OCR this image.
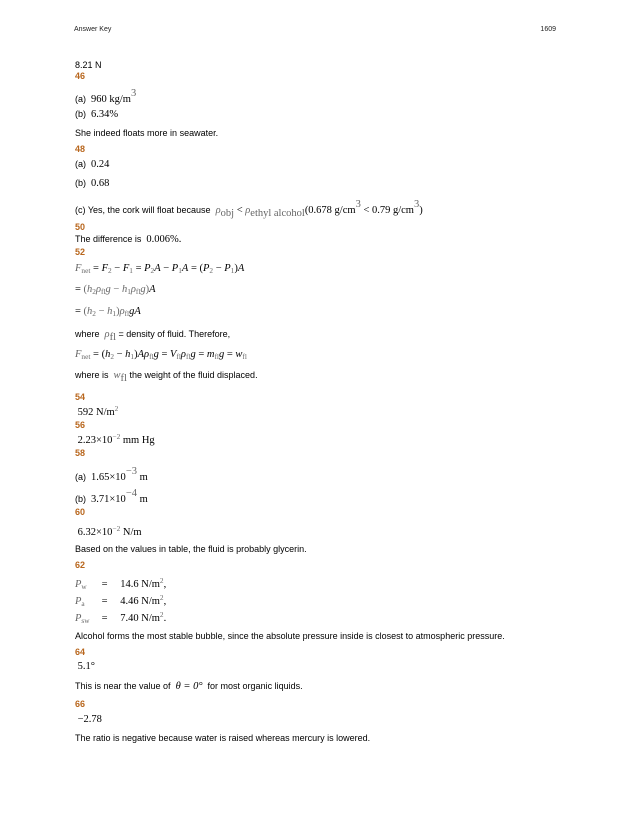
Answer Key	1609
8.21 N
46
(a) 960 $kg/m^3$
(b) 6.34%
She indeed floats more in seawater.
48
(a) 0.24
(b) 0.68
(c) Yes, the cork will float because $\rho_{obj} < \rho_{ethyl alcohol}(0.678$ $g/cm^3 < 0.79$ $g/cm^3$)
50
The difference is 0.006%.
52
$F_{net} = F_2 - F_1 = P_2A - P_1A = (P_2 - P_1)A$
= $(h_2\rho_{fl}g - h_1\rho_{fl}g)A$
= $(h_2 - h_1)\rho_{fl}gA$
where $\rho_{fl}$ = density of fluid. Therefore,
$F_{net} = (h_2 - h_1)A\rho_{fl}g = V_{fl}\rho_{fl}g = m_{fl}g = w_{fl}$
where is $w_{fl}$ the weight of the fluid displaced.
54
592 $N/m^2$
56
$2.23\times 10^{-2}$ mm Hg
58
(a) $1.65\times 10^{-3}$ m
(b) $3.71\times 10^{-4}$ m
60
$6.32\times 10^{-2}$ N/m
Based on the values in table, the fluid is probably glycerin.
62
$P_w = 14.6$ $N/m^2$,
$P_a = 4.46$ $N/m^2$,
$P_{sw} = 7.40$ $N/m^2$.
Alcohol forms the most stable bubble, since the absolute pressure inside is closest to atmospheric pressure.
64
5.1°
This is near the value of θ = 0° for most organic liquids.
66
−2.78
The ratio is negative because water is raised whereas mercury is lowered.
